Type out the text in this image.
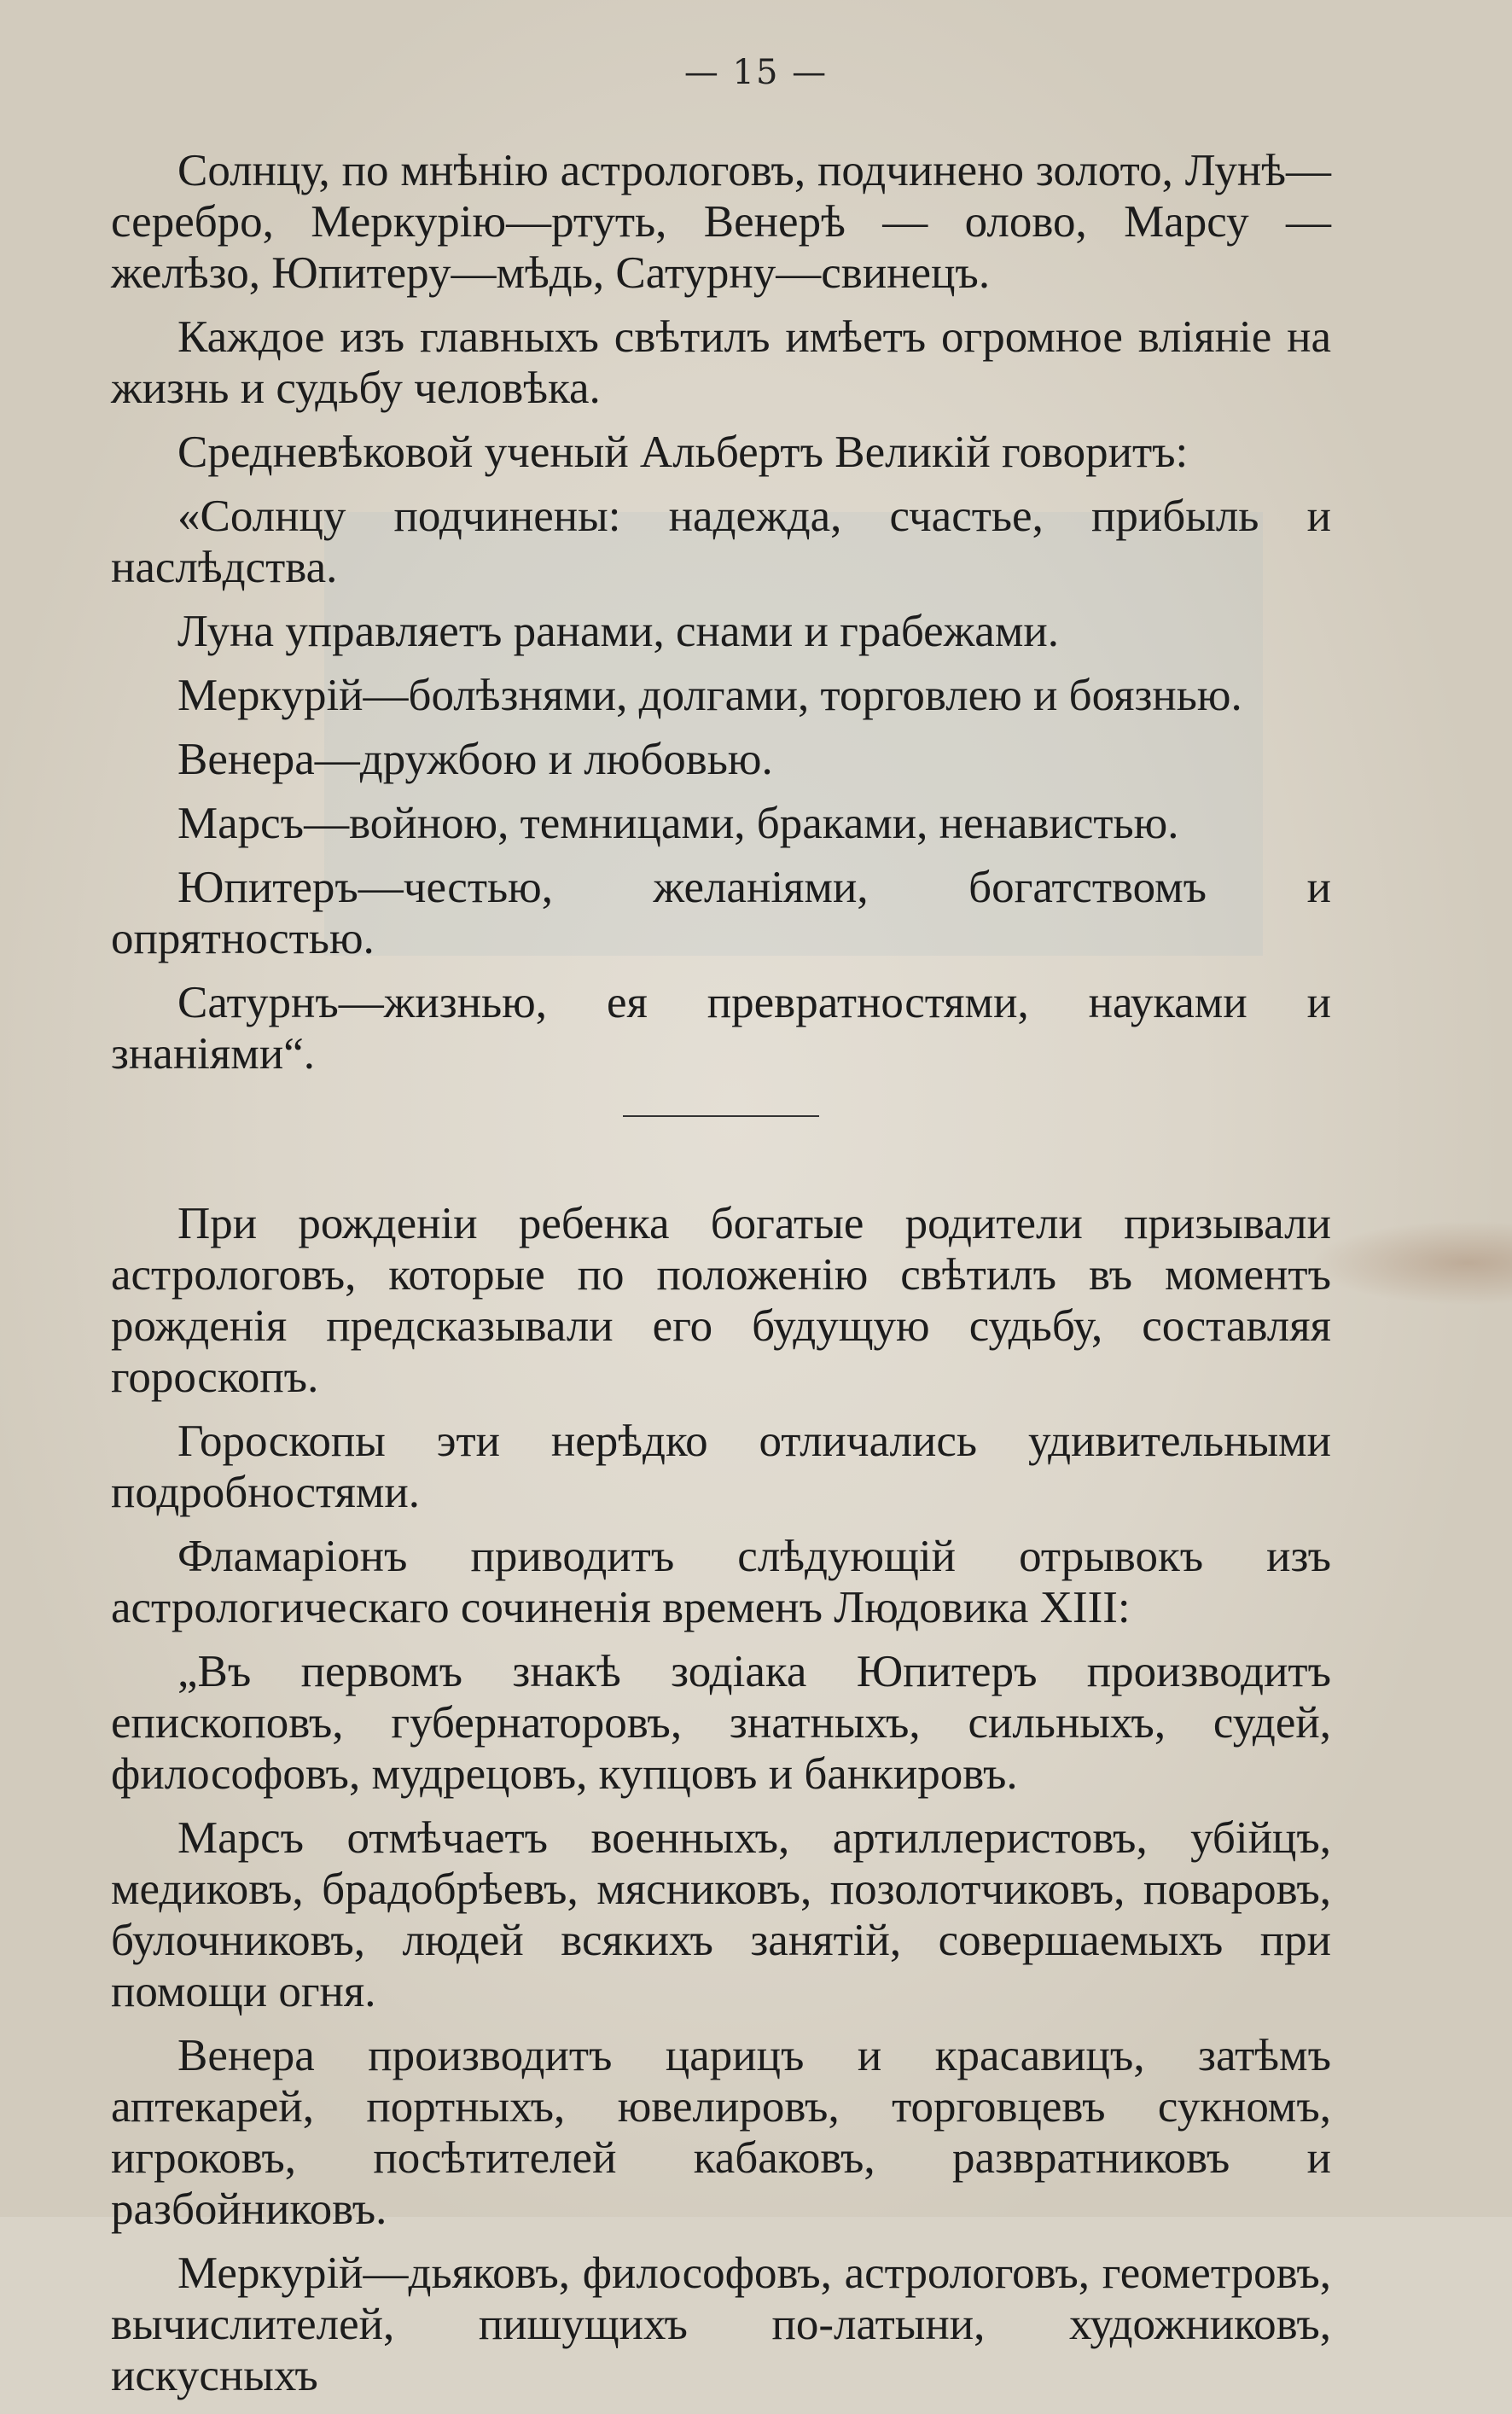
— 15 —

Солнцу, по мнѣнію астрологовъ, подчинено золото, Лунѣ—серебро, Меркурію—ртуть, Венерѣ — олово, Марсу — желѣзо, Юпитеру—мѣдь, Сатурну—свинецъ.

Каждое изъ главныхъ свѣтилъ имѣетъ огромное вліяніе на жизнь и судьбу человѣка.

Средневѣковой ученый Альбертъ Великій говоритъ:

«Солнцу подчинены: надежда, счастье, прибыль и наслѣдства.

Луна управляетъ ранами, снами и грабежами.

Меркурій—болѣзнями, долгами, торговлею и боязнью.

Венера—дружбою и любовью.

Марсъ—войною, темницами, браками, ненавистью.

Юпитеръ—честью, желаніями, богатствомъ и опрятностью.

Сатурнъ—жизнью, ея превратностями, науками и знаніями“.

При рожденіи ребенка богатые родители призывали астрологовъ, которые по положенію свѣтилъ въ моментъ рожденія предсказывали его будущую судьбу, составляя гороскопъ.

Гороскопы эти нерѣдко отличались удивительными подробностями.

Фламаріонъ приводитъ слѣдующій отрывокъ изъ астрологическаго сочиненія временъ Людовика XIII:

„Въ первомъ знакѣ зодіака Юпитеръ производитъ епископовъ, губернаторовъ, знатныхъ, сильныхъ, судей, философовъ, мудрецовъ, купцовъ и банкировъ.

Марсъ отмѣчаетъ военныхъ, артиллеристовъ, убійцъ, медиковъ, брадобрѣевъ, мясниковъ, позолотчиковъ, поваровъ, булочниковъ, людей всякихъ занятій, совершаемыхъ при помощи огня.

Венера производитъ царицъ и красавицъ, затѣмъ аптекарей, портныхъ, ювелировъ, торговцевъ сукномъ, игроковъ, посѣтителей кабаковъ, развратниковъ и разбойниковъ.

Меркурій—дьяковъ, философовъ, астрологовъ, геометровъ, вычислителей, пишущихъ по-латыни, художниковъ, искусныхъ
